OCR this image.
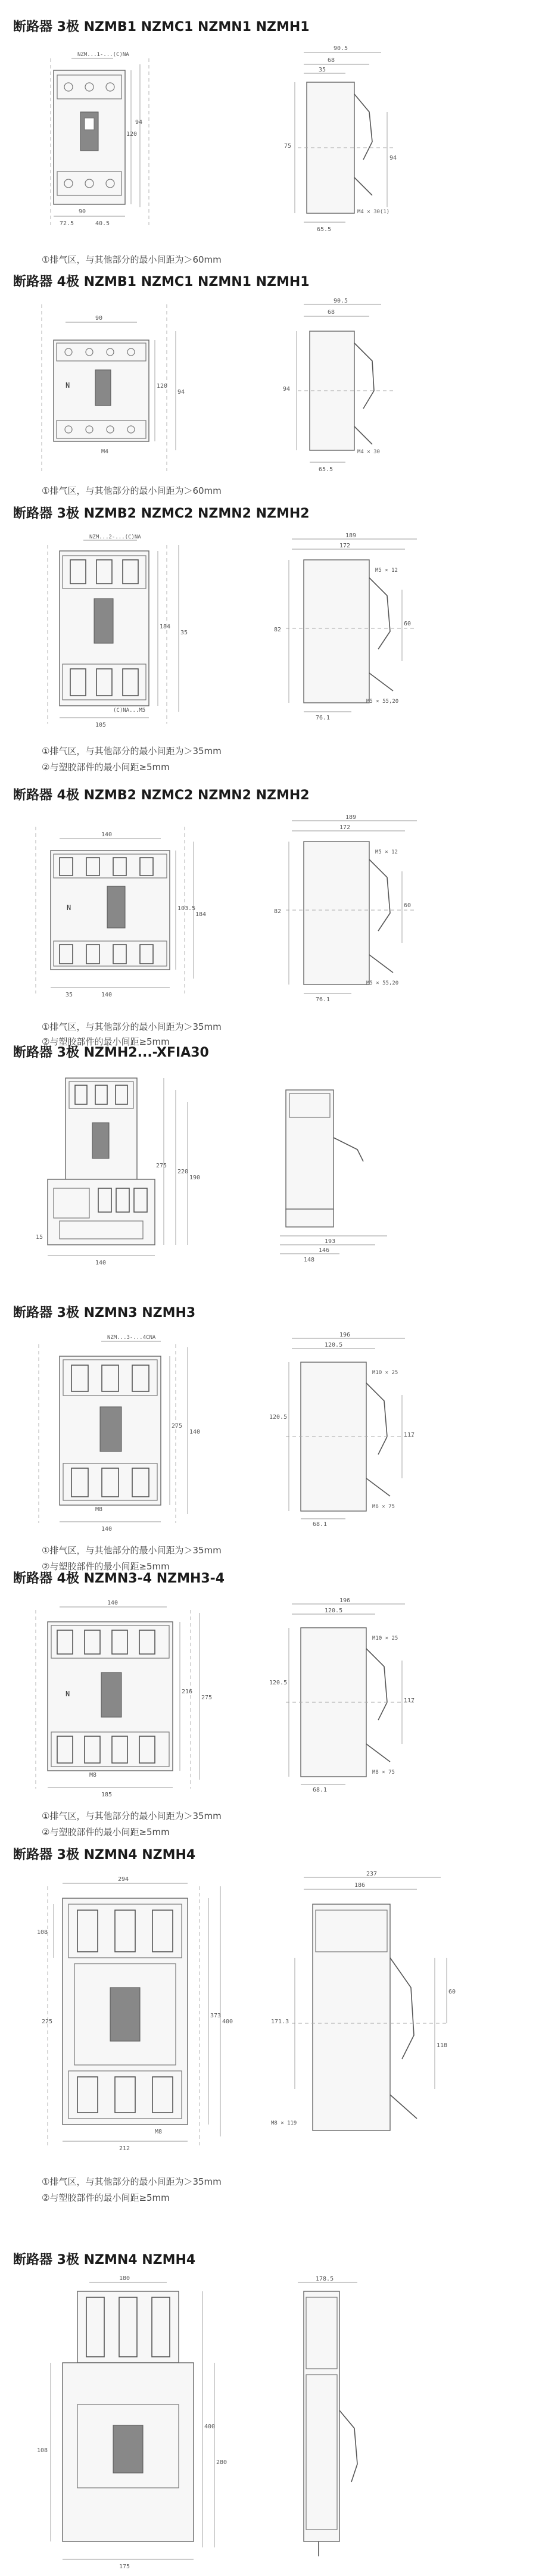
断路器 3极 NZMB1 NZMC1 NZMN1 NZMH1
NZM...1-...(C)NA
90
120
94
40.5
72.5
90.5
68
35
94
75
65.5
M4 × 30(1)
①排气区，与其他部分的最小间距为＞60mm
断路器 4极 NZMB1 NZMC1 NZMN1 NZMH1
N
90
120
94
M4
90.5
68
94
65.5
M4 × 30
①排气区，与其他部分的最小间距为＞60mm
断路器 3极 NZMB2 NZMC2 NZMN2 NZMH2
NZM...2-...(C)NA
184
35
105
(C)NA...M5
189
172
M5 × 12
82
60
76.1
M5 × 55,20
①排气区，与其他部分的最小间距为＞35mm
②与塑胶部件的最小间距≥5mm
断路器 4极 NZMB2 NZMC2 NZMN2 NZMH2
N
140
103.5
184
140
35
189
172
M5 × 12
82
60
76.1
M5 × 55,20
①排气区，与其他部分的最小间距为＞35mm
②与塑胶部件的最小间距≥5mm
断路器 3极 NZMH2...-XFIA30
275
220
190
140
15
193
146
148
断路器 3极 NZMN3 NZMH3
NZM...3-...4CNA
275
140
140
M8
196
120.5
M10 × 25
120.5
117
M6 × 75
68.1
①排气区，与其他部分的最小间距为＞35mm
②与塑胶部件的最小间距≥5mm
断路器 4极 NZMN3-4 NZMH3-4
N
140
216
275
185
M8
196
120.5
M10 × 25
120.5
117
M8 × 75
68.1
①排气区，与其他部分的最小间距为＞35mm
②与塑胶部件的最小间距≥5mm
断路器 3极 NZMN4 NZMH4
294
108
225
373
400
212
M8
237
186
171.3
118
60
M8 × 119
①排气区，与其他部分的最小间距为＞35mm
②与塑胶部件的最小间距≥5mm
断路器 3极 NZMN4 NZMH4
180
108
400
280
175
178.5
